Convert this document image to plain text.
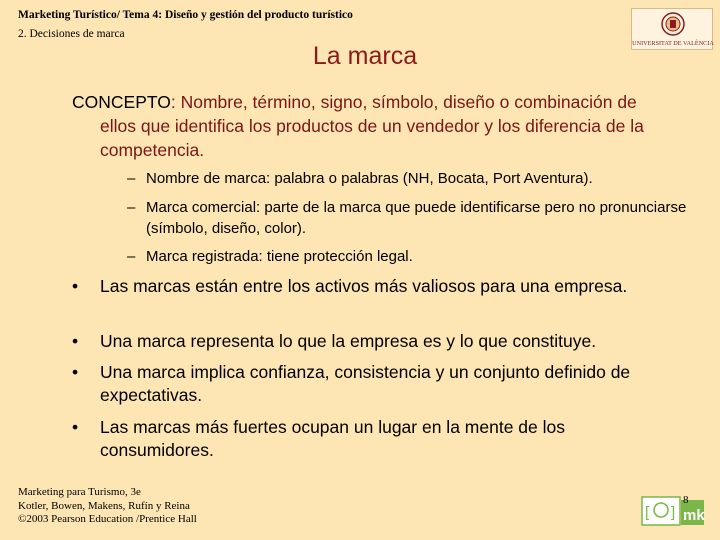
Marketing Turístico/ Tema 4: Diseño y gestión del producto turístico
2. Decisiones de marca
UNIVERSITAT DE VALÈNCIA
La marca
CONCEPTO: Nombre, término, signo, símbolo, diseño o combinación de ellos que identifica los productos de un vendedor y los diferencia de la competencia.
– Nombre de marca: palabra o palabras (NH, Bocata, Port Aventura).
– Marca comercial: parte de la marca que puede identificarse pero no pronunciarse (símbolo, diseño, color).
– Marca registrada: tiene protección legal.
•	Las marcas están entre los activos más valiosos para una empresa.
•	Una marca representa lo que la empresa es y lo que constituye.
•	Una marca implica confianza, consistencia y un conjunto definido de expectativas.
•	Las marcas más fuertes ocupan un lugar en la mente de los consumidores.
Marketing para Turismo, 3e
Kotler, Bowen, Makens, Rufín y Reina
©2003 Pearson Education /Prentice Hall	[ ] mk
8
